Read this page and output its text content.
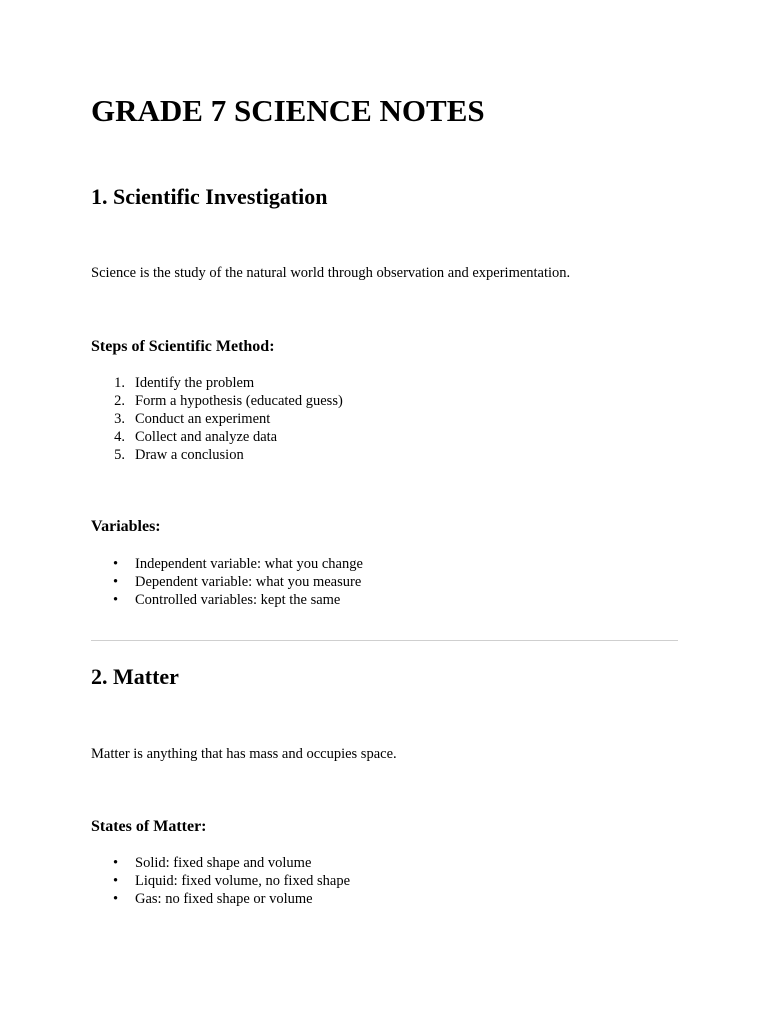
GRADE 7 SCIENCE NOTES
1. Scientific Investigation

Science is the study of the natural world through observation and experimentation.

Steps of Scientific Method:
1. Identify the problem
2. Form a hypothesis (educated guess)
3. Conduct an experiment
4. Collect and analyze data
5. Draw a conclusion
Variables:
• Independent variable: what you change
• Dependent variable: what you measure
• Controlled variables: kept the same
2. Matter

Matter is anything that has mass and occupies space.

States of Matter:
• Solid: fixed shape and volume
• Liquid: fixed volume, no fixed shape
• Gas: no fixed shape or volume
